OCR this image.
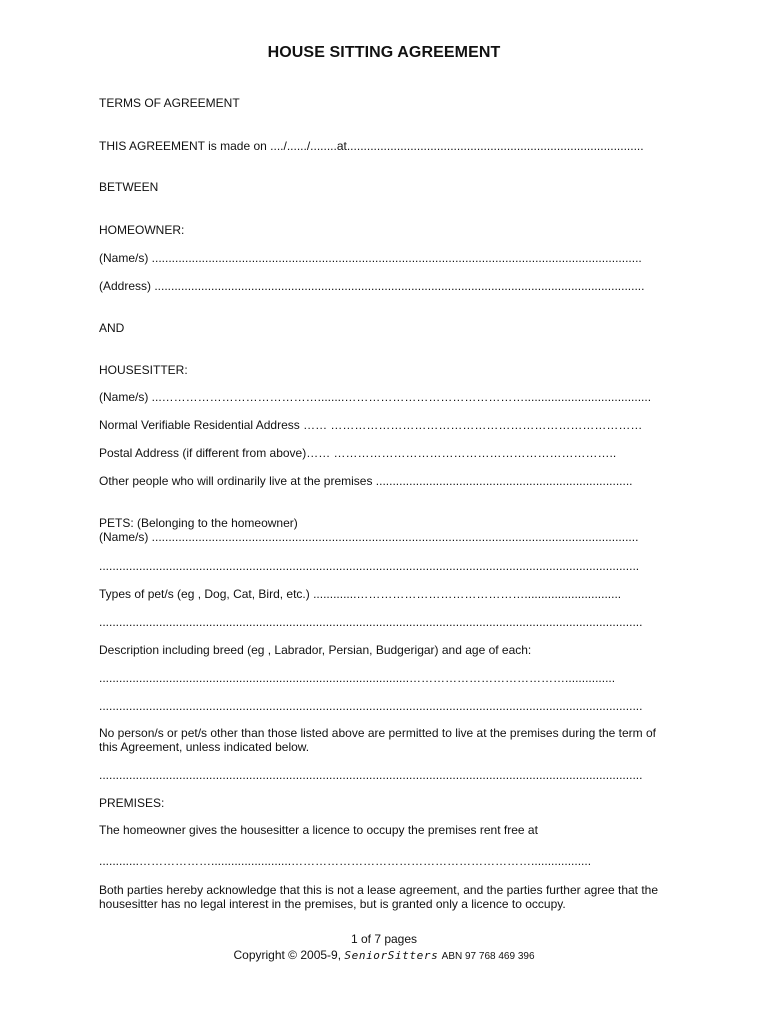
HOUSE SITTING AGREEMENT
TERMS OF AGREEMENT
THIS AGREEMENT is made on ..../....../........at.........................................................................................
BETWEEN
HOMEOWNER:
(Name/s) ...................................................................................................................................................
(Address) ...................................................................................................................................................
AND
HOUSESITTER:
(Name/s) ...…………………………………........………………………………………......................................
Normal Verifiable Residential Address …… ……………………………………………………………………
Postal Address (if different from above)…… ……………………………………………………………..
Other people who will ordinarily live at the premises .............................................................................
PETS: (Belonging to the homeowner)
(Name/s) ..................................................................................................................................................
..................................................................................................................................................................
Types of pet/s (eg , Dog, Cat, Bird, etc.) .............…………………………………….............................
...................................................................................................................................................................
Description including breed (eg , Labrador, Persian, Budgerigar) and age of each:
.............................................................................................…………………………………...............
...................................................................................................................................................................
No person/s or pet/s other than those listed above are permitted to live at the premises during the term of this Agreement, unless indicated below.
...................................................................................................................................................................
PREMISES:
The homeowner gives the housesitter a licence to occupy the premises rent free at
............………………........................……………………………………………………..................
Both parties hereby acknowledge that this is not a lease agreement, and the parties further agree that the housesitter has no legal interest in the premises, but is granted only a licence to occupy.
1 of 7 pages
Copyright © 2005-9, SeniorSitters ABN 97 768 469 396
